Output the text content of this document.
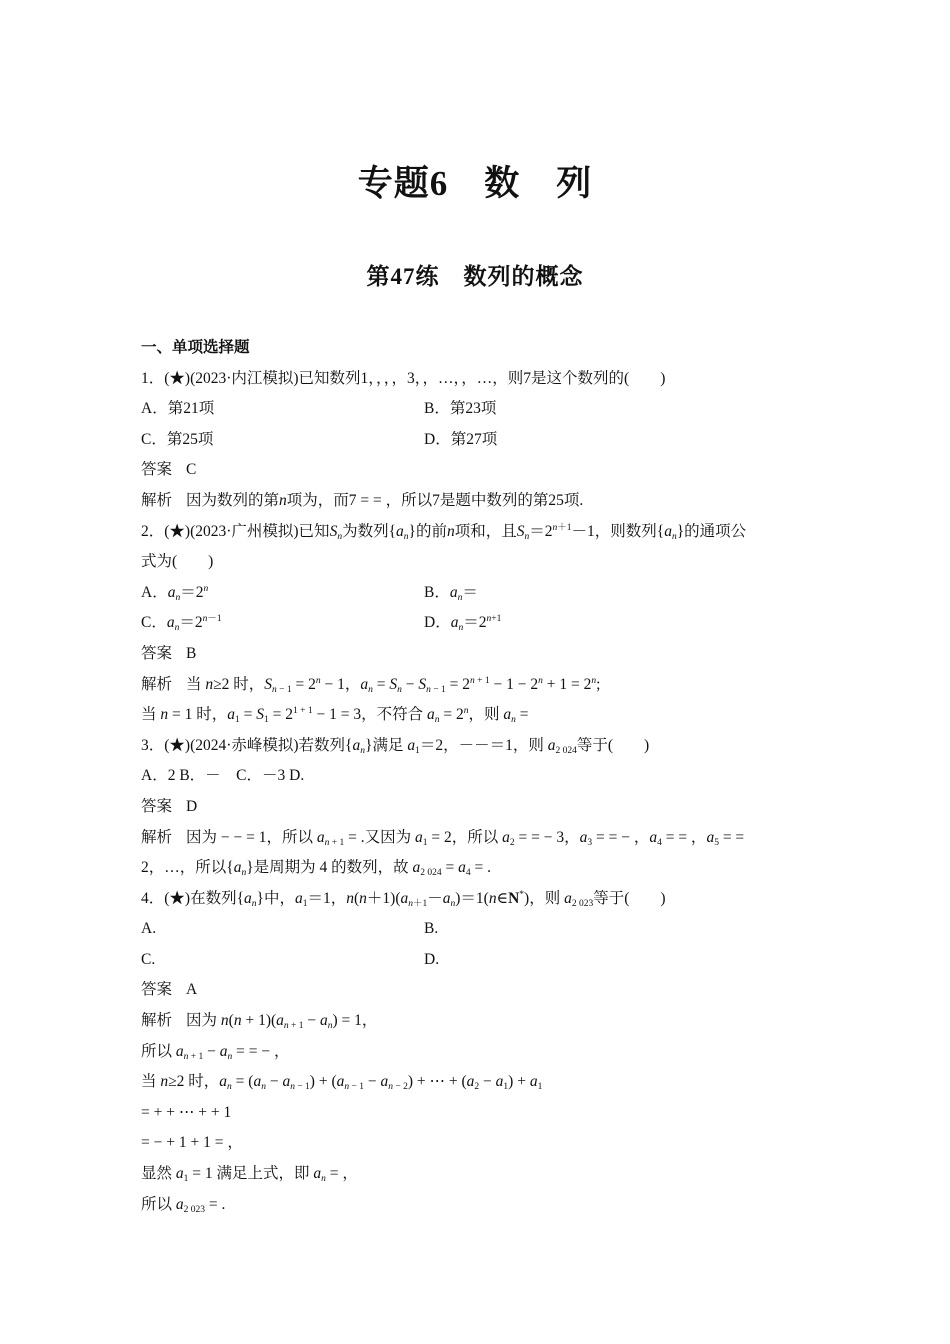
专题6　数　列
第47练　数列的概念
一、单项选择题
1．(★)(2023·内江模拟)已知数列1，，，，3，，…，，…，则7是这个数列的(　　)
A．第21项	B．第23项
C．第25项	D．第27项
答案 C
解析 因为数列的第n项为，而7 = = ，所以7是题中数列的第25项.
2．(★)(2023·广州模拟)已知$S_n$为数列$\{a_n\}$的前n项和，且$S_n=2^{n+1}-1$，则数列$\{a_n\}$的通项公
式为(　　)
A．$a_n=2^n$	B．$a_n=$
C．$a_n=2^{n-1}$	D．$a_n=2^{n+1}$
答案 B
解析 当 n≥2 时，$S_{n - 1} = 2^n - 1$，$a_n = S_n - S_{n - 1} = 2^{n + 1} - 1 - 2^n + 1 = 2^n$;
当 n = 1 时，$a_1 = S_1 = 2^{1 + 1} - 1 = 3$，不符合 $a_n = 2^n$，则 $a_n$ =
3．(★)(2024·赤峰模拟)若数列$\{a_n\}$满足 $a_1=2$，－－＝1，则 $a_{2 024}$等于(　　)
A．2 B．－　C．－3 D.
答案 D
解析 因为 − − = 1，所以 $a_{n + 1}$ = .又因为 $a_1 = 2$，所以 $a_2$ = = − 3，$a_3$ = = − ，$a_4$ = = ，$a_5$ = =
2，…，所以$\{a_n\}$是周期为 4 的数列，故 $a_{2 024} = a_4$ = .
4．(★)在数列$\{a_n\}$中，$a_1=1$，$n(n+1)(a_{n+1}-a_n)=1(n\in N^*)$，则 $a_{2 023}$等于(　　)
A.	B.
C.	D.
答案 A
解析 因为 $n(n + 1)(a_{n + 1} - a_n) = 1$，
所以 $a_{n + 1} - a_n$ = = − ，
当 n≥2 时，$a_n = (a_n - a_{n - 1}) + (a_{n - 1} - a_{n - 2})$ + ⋯ + $(a_2 - a_1) + a_1$
= + + ⋯ + + 1
= − + 1 + 1 = ，
显然 $a_1 = 1$ 满足上式，即 $a_n$ = ，
所以 $a_{2 023}$ = .
